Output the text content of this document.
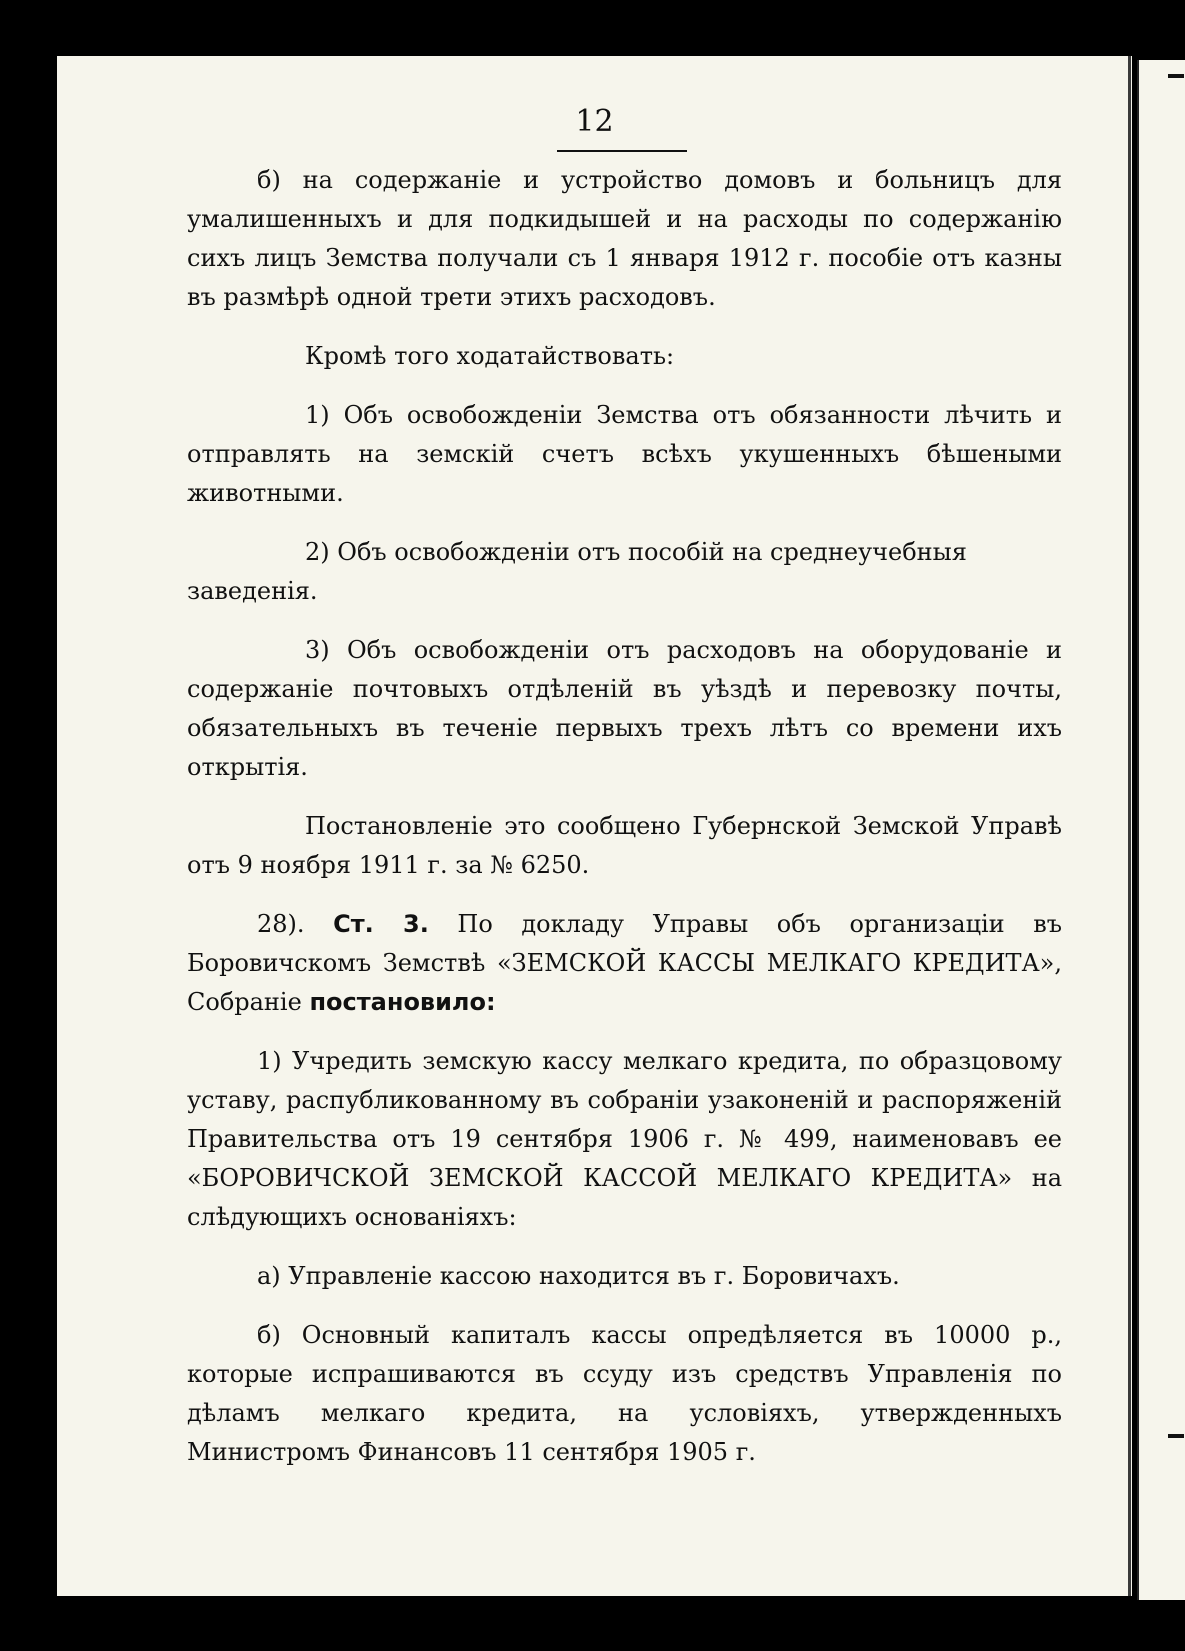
12

б) на содержаніе и устройство домовъ и больницъ для умалишенныхъ и для подкидышей и на расходы по содержанію сихъ лицъ Земства получали съ 1 января 1912 г. пособіе отъ казны въ размѣрѣ одной трети этихъ расходовъ.

Кромѣ того ходатайствовать:

1) Объ освобожденіи Земства отъ обязанности лѣчить и отправлять на земскій счетъ всѣхъ укушенныхъ бѣшеными животными.

2) Объ освобожденіи отъ пособій на среднеучебныя заведенія.

3) Объ освобожденіи отъ расходовъ на оборудованіе и содержаніе почтовыхъ отдѣленій въ уѣздѣ и перевозку почты, обязательныхъ въ теченіе первыхъ трехъ лѣтъ со времени ихъ открытія.

Постановленіе это сообщено Губернской Земской Управѣ отъ 9 ноября 1911 г. за № 6250.

28). Ст. 3. По докладу Управы объ организаціи въ Боровичскомъ Земствѣ «ЗЕМСКОЙ КАССЫ МЕЛКАГО КРЕДИТА», Собраніе постановило:

1) Учредить земскую кассу мелкаго кредита, по образцовому уставу, распубликованному въ собраніи узаконеній и распоряженій Правительства отъ 19 сентября 1906 г. № 499, наименовавъ ее «БОРОВИЧСКОЙ ЗЕМСКОЙ КАССОЙ МЕЛКАГО КРЕДИТА» на слѣдующихъ основаніяхъ:

а) Управленіе кассою находится въ г. Боровичахъ.

б) Основный капиталъ кассы опредѣляется въ 10000 р., которые испрашиваются въ ссуду изъ средствъ Управленія по дѣламъ мелкаго кредита, на условіяхъ, утвержденныхъ Министромъ Финансовъ 11 сентября 1905 г.
